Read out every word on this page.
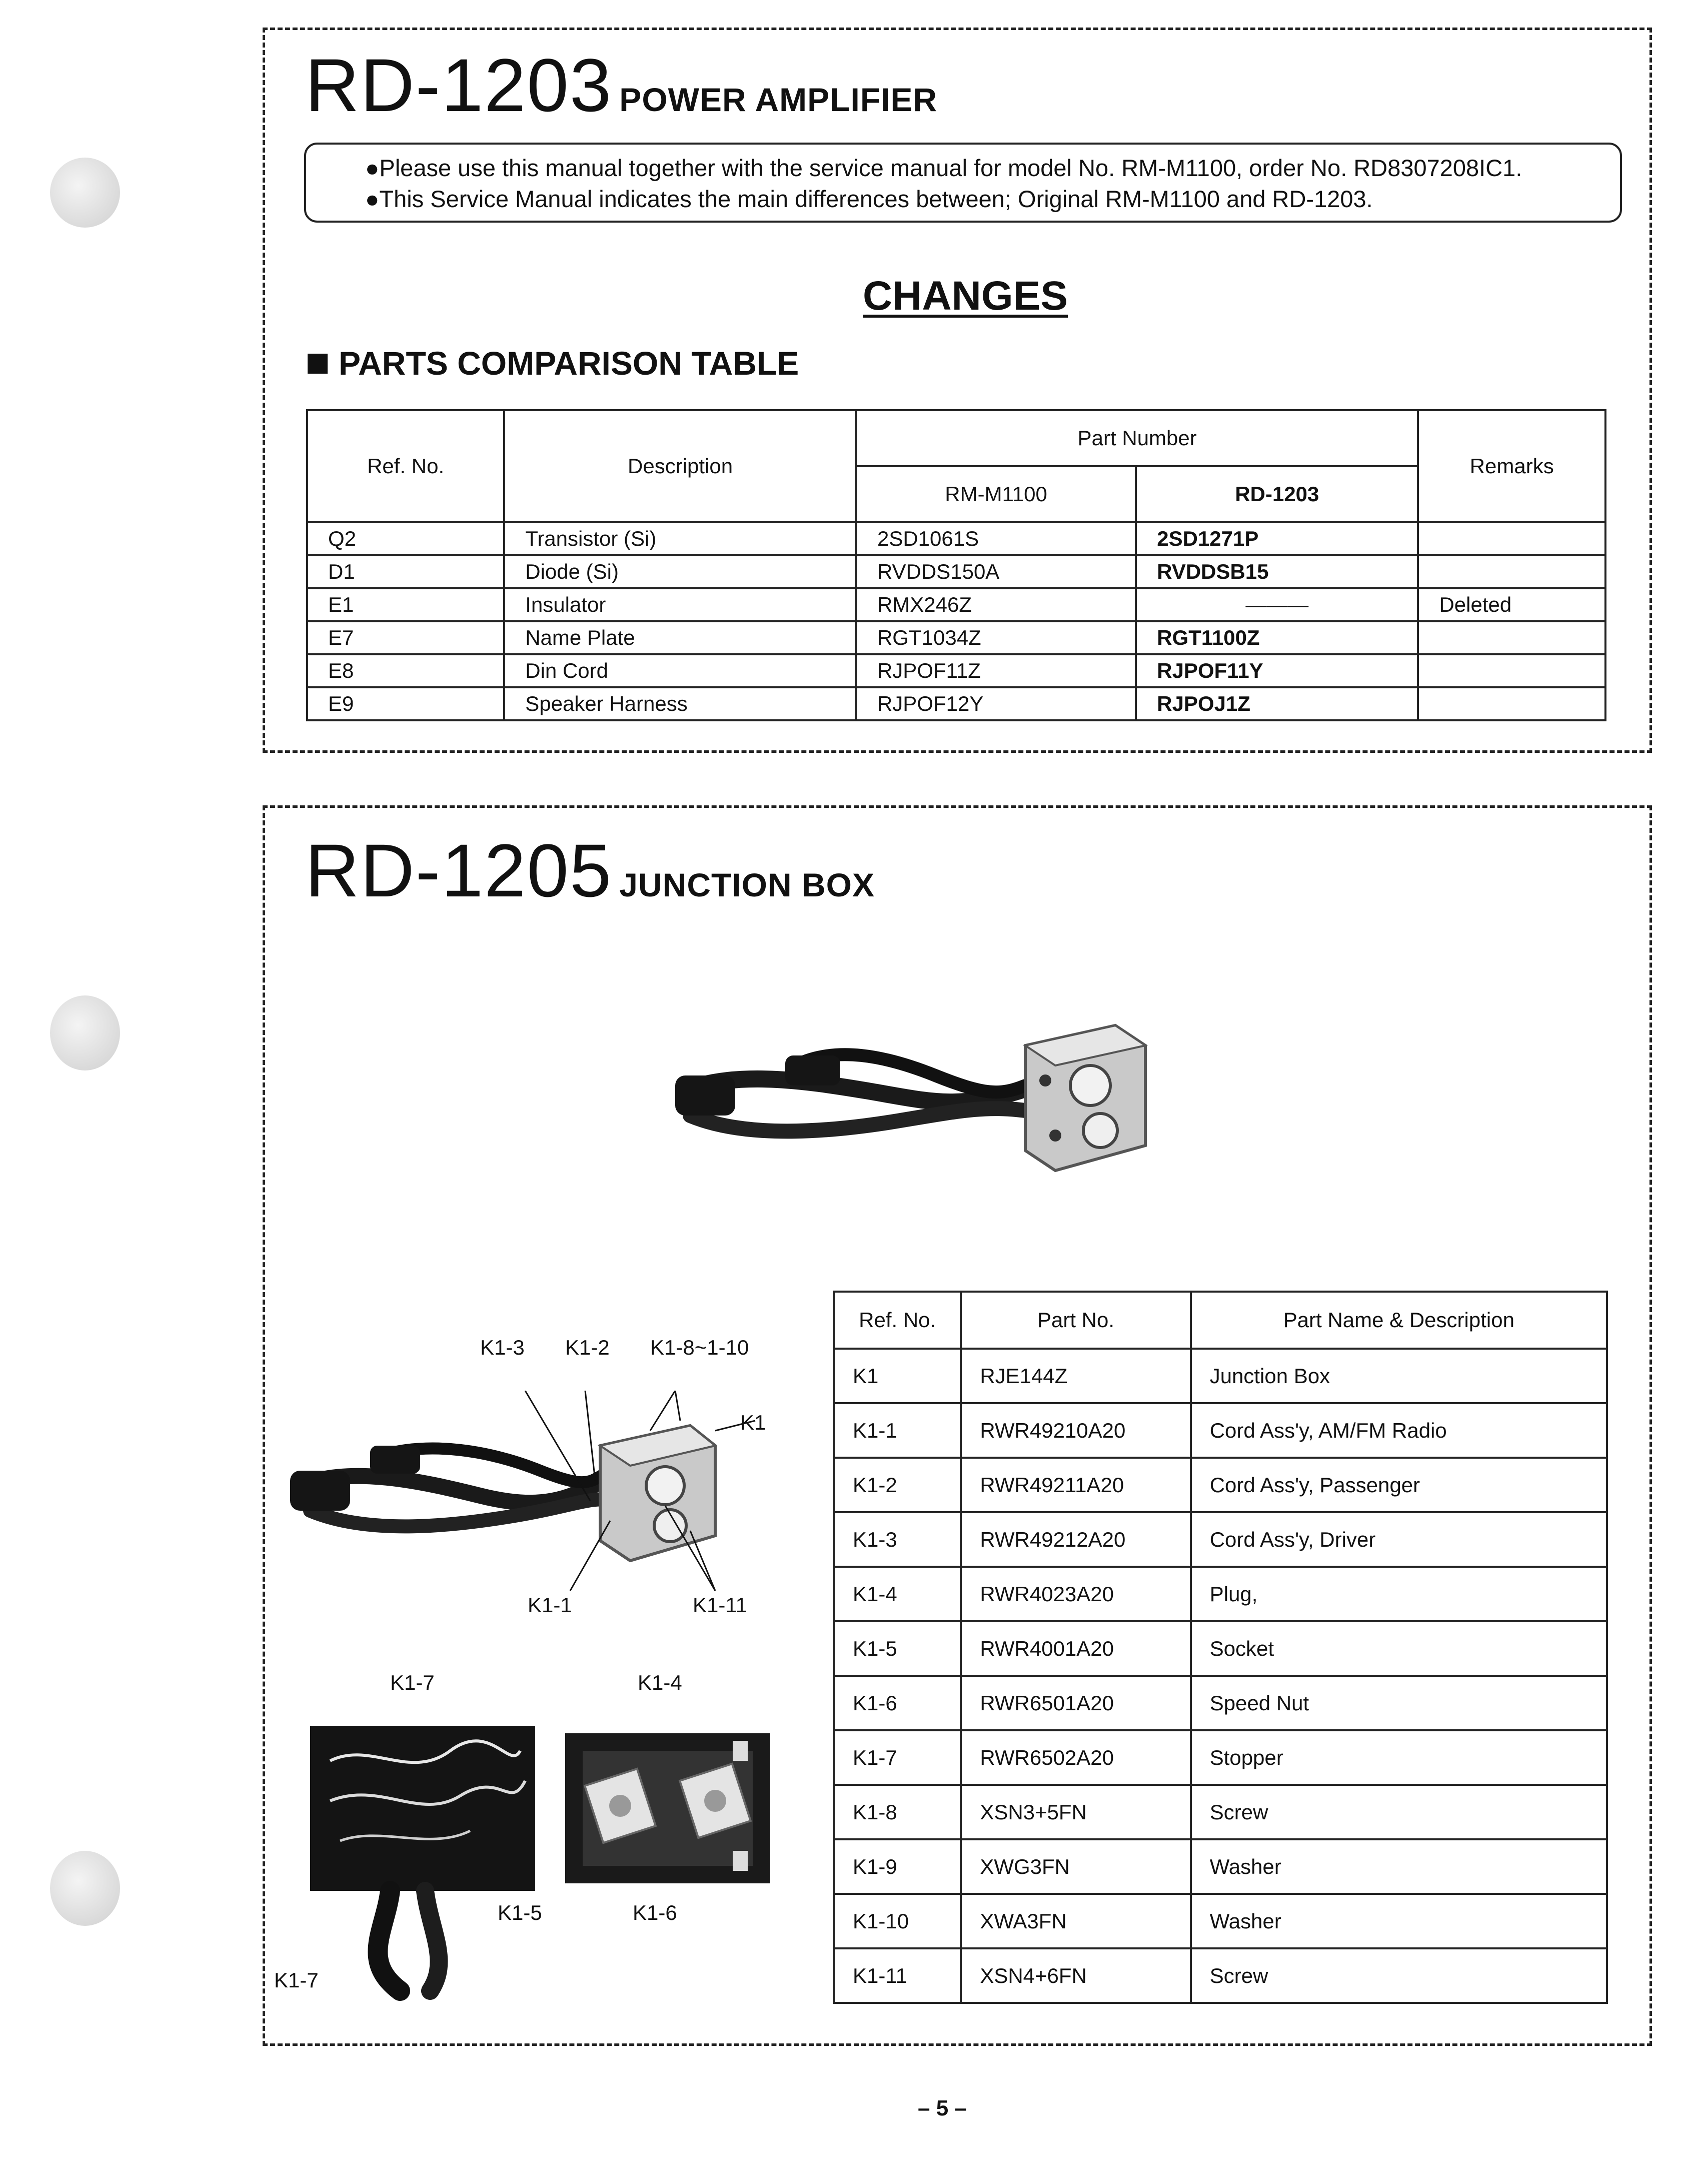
RD-1203 POWER AMPLIFIER
●Please use this manual together with the service manual for model No. RM-M1100, order No. RD8307208IC1.
●This Service Manual indicates the main differences between; Original RM-M1100 and RD-1203.
CHANGES
PARTS COMPARISON TABLE
Ref. No.	Description	Part Number		Remarks
		RM-M1100	RD-1203	
Q2	Transistor (Si)	2SD1061S	2SD1271P	
D1	Diode (Si)	RVDDS150A	RVDDSB15	
E1	Insulator	RMX246Z	———	Deleted
E7	Name Plate	RGT1034Z	RGT1100Z	
E8	Din Cord	RJPOF11Z	RJPOF11Y	
E9	Speaker Harness	RJPOF12Y	RJPOJ1Z	
RD-1205 JUNCTION BOX
K1-3 K1-2 K1-8~1-10
K1
K1-1	K1-11
K1-7	K1-4
K1-5	K1-6
K1-7
Ref. No.	Part No.	Part Name & Description
K1	RJE144Z	Junction Box
K1-1	RWR49210A20	Cord Ass'y, AM/FM Radio
K1-2	RWR49211A20	Cord Ass'y, Passenger
K1-3	RWR49212A20	Cord Ass'y, Driver
K1-4	RWR4023A20	Plug,
K1-5	RWR4001A20	Socket
K1-6	RWR6501A20	Speed Nut
K1-7	RWR6502A20	Stopper
K1-8	XSN3+5FN	Screw
K1-9	XWG3FN	Washer
K1-10	XWA3FN	Washer
K1-11	XSN4+6FN	Screw
– 5 –
